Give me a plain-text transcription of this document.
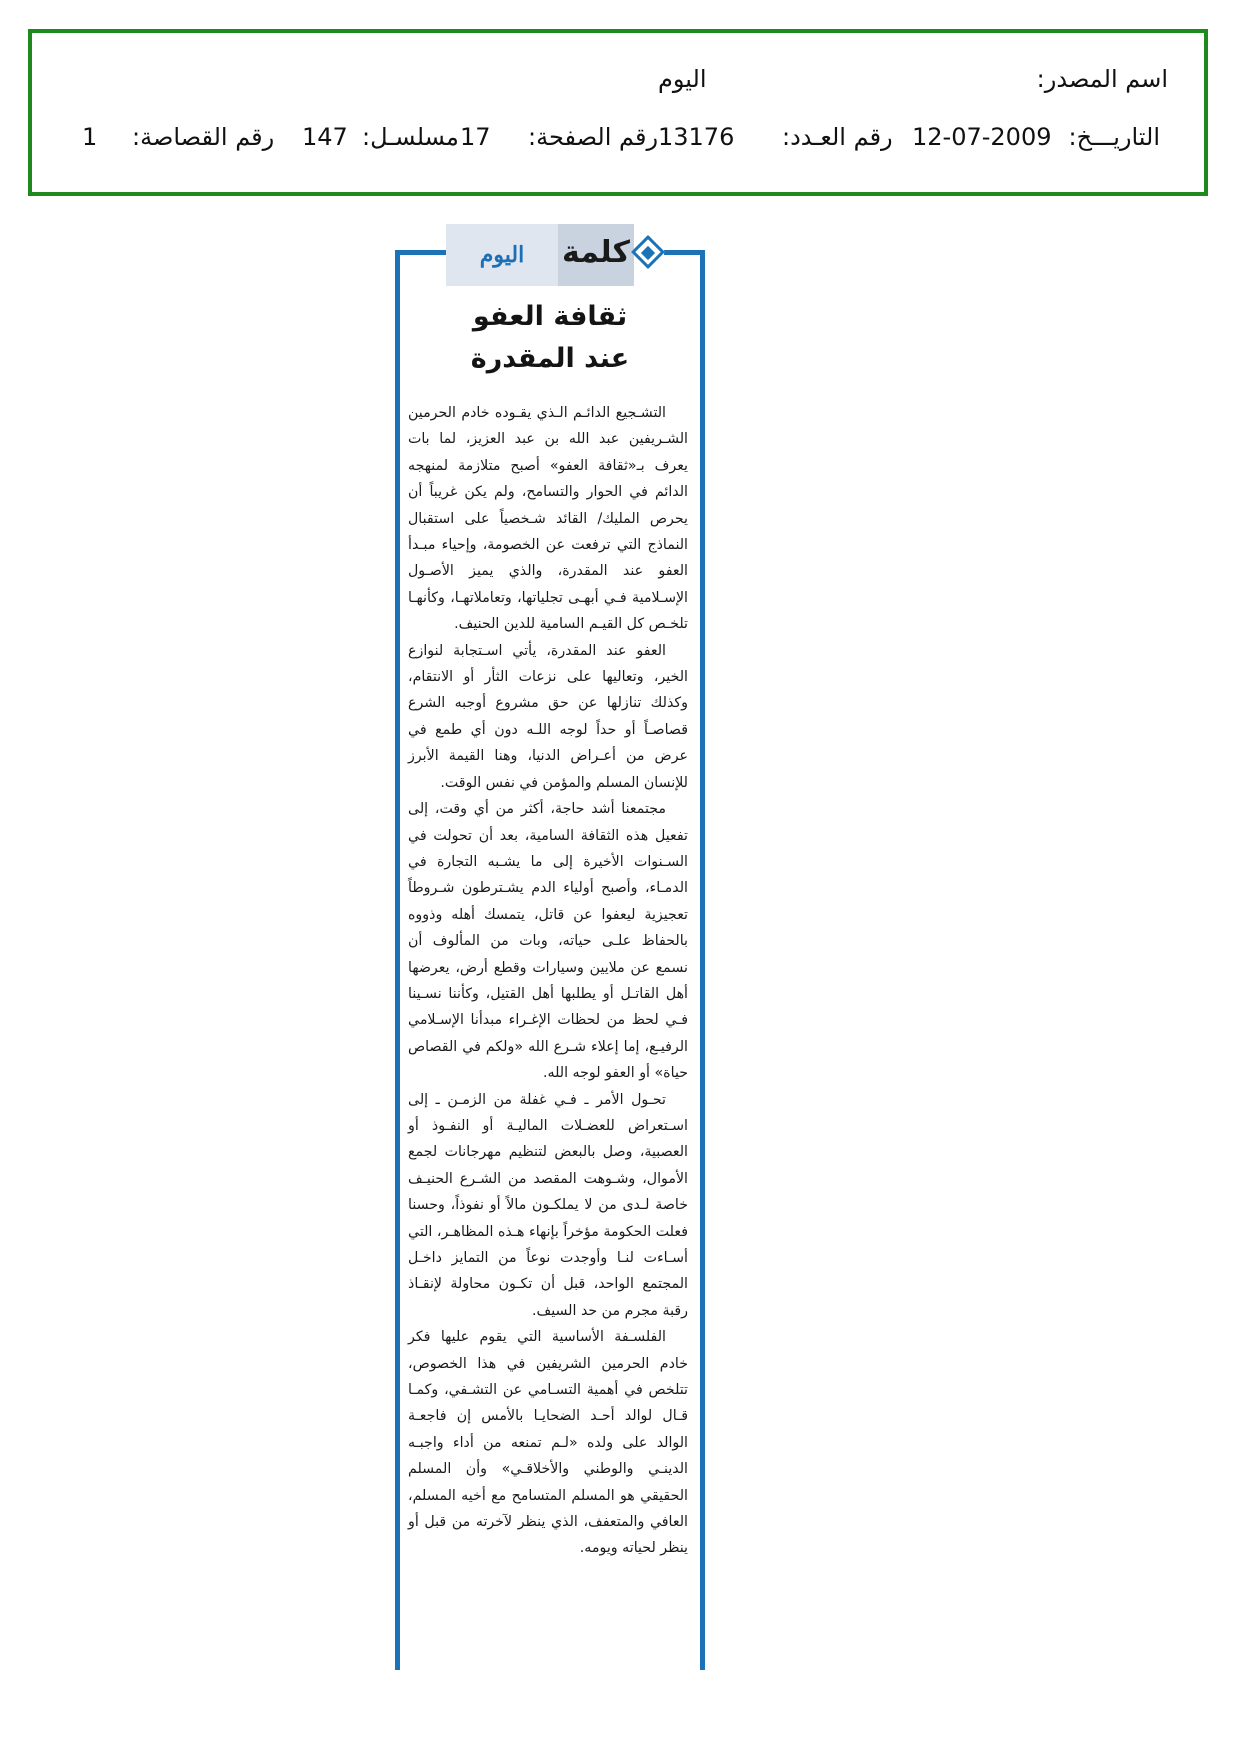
اسم المصدر:
اليوم
التاريـــخ:
12-07-2009
رقم العـدد:
13176
رقم الصفحة:
17
مسلسـل:
147
رقم القصاصة:
1
اليوم	كلمة
ثقافة العفو
عند المقدرة

التشـجيع الدائـم الـذي يقـوده خادم الحرمين الشـريفين عبد الله بن عبد العزيز، لما بات يعرف بـ«ثقافة العفو» أصبح متلازمة لمنهجه الدائم في الحوار والتسامح، ولم يكن غريباً أن يحرص المليك/ القائد شـخصياً على استقبال النماذج التي ترفعت عن الخصومة، وإحياء مبـدأ العفو عند المقدرة، والذي يميز الأصـول الإسـلامية فـي أبهـى تجلياتها، وتعاملاتهـا، وكأنهـا تلخـص كل القيـم السامية للدين الحنيف.

العفو عند المقدرة، يأتي اسـتجابة لنوازع الخير، وتعاليها على نزعات الثأر أو الانتقام، وكذلك تنازلها عن حق مشروع أوجبه الشرع قصاصـاً أو حداً لوجه اللـه دون أي طمع في عرض من أعـراض الدنيا، وهنا القيمة الأبرز للإنسان المسلم والمؤمن في نفس الوقت.

مجتمعنا أشد حاجة، أكثر من أي وقت، إلى تفعيل هذه الثقافة السامية، بعد أن تحولت في السـنوات الأخيرة إلى ما يشـبه التجارة في الدمـاء، وأصبح أولياء الدم يشـترطون شـروطاً تعجيزية ليعفوا عن قاتل، يتمسك أهله وذووه بالحفاظ علـى حياته، وبات من المألوف أن نسمع عن ملايين وسيارات وقطع أرض، يعرضها أهل القاتـل أو يطلبها أهل القتيل، وكأننا نسـينا فـي لحظ من لحظات الإغـراء مبدأنا الإسـلامي الرفيـع، إما إعلاء شـرع الله «ولكم في القصاص حياة» أو العفو لوجه الله.

تحـول الأمر ـ فـي غفلة من الزمـن ـ إلى اسـتعراض للعضـلات الماليـة أو النفـوذ أو العصبية، وصل بالبعض لتنظيم مهرجانات لجمع الأموال، وشـوهت المقصد من الشـرع الحنيـف خاصة لـدى من لا يملكـون مالاً أو نفوذاً، وحسنا فعلت الحكومة مؤخراً بإنهاء هـذه المظاهـر، التي أسـاءت لنـا وأوجدت نوعاً من التمايز داخـل المجتمع الواحد، قبل أن تكـون محاولة لإنقـاذ رقبة مجرم من حد السيف.

الفلسـفة الأساسية التي يقوم عليها فكر خادم الحرمين الشريفين في هذا الخصوص، تتلخص في أهمية التسـامي عن التشـفي، وكمـا قـال لوالد أحـد الضحايـا بالأمس إن فاجعـة الوالد على ولده «لـم تمنعه من أداء واجبـه الدينـي والوطني والأخلاقـي» وأن المسلم الحقيقي هو المسلم المتسامح مع أخيه المسلم، العافي والمتعفف، الذي ينظر لآخرته من قبل أو ينظر لحياته ويومه.
